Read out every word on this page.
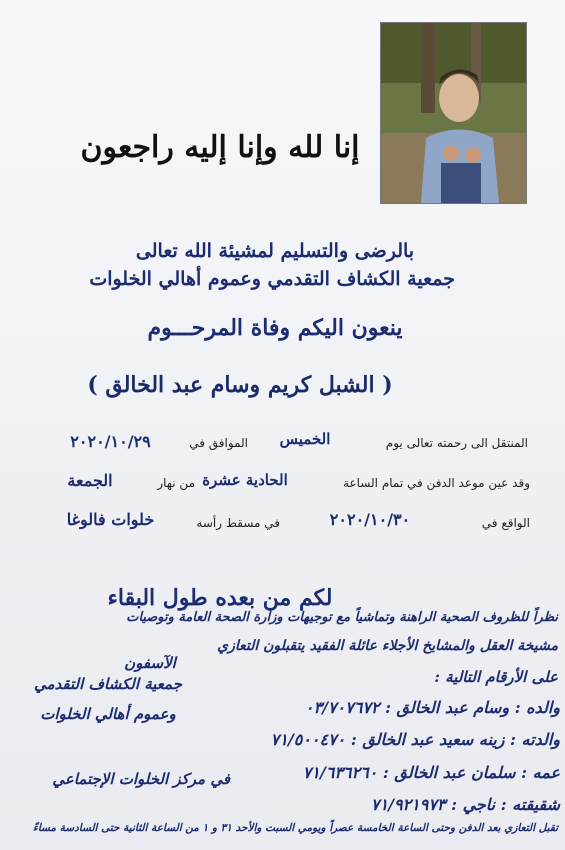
إنا لله وإنا إليه راجعون
بالرضى والتسليم لمشيئة الله تعالى
جمعية الكشاف التقدمي وعموم أهالي الخلوات
ينعون اليكم وفاة المرحـــوم
( الشبل كريم وسام عبد الخالق )
المنتقل الى رحمته تعالى يوم
الخميس
الموافق في
٢٠٢٠/١٠/٢٩
وقد عين موعد الدفن في تمام الساعة
الحادية عشرة
من نهار
الجمعة
الواقع في
٢٠٢٠/١٠/٣٠
في مسقط رأسه
خلوات فالوغا
لكم من بعده طول البقاء
نظراً للظروف الصحية الراهنة وتماشياً مع توجيهات وزارة الصحة العامة وتوصيات
مشيخة العقل والمشايخ الأجلاء عائلة الفقيد يتقبلون التعازي
على الأرقام التالية :
الآسفون
جمعية الكشاف التقدمي
وعموم أهالي الخلوات	والده : وسام عبد الخالق : ٠٣/٧٠٧٦٧٢
والدته : زينه سعيد عبد الخالق : ٧١/٥٠٠٤٧٠
عمه : سلمان عبد الخالق : ٧١/٦٣٦٢٦٠
في مركز الخلوات الإجتماعي
شقيقته : ناجي : ٧١/٩٢١٩٧٣
تقبل التعازي بعد الدفن وحتى الساعة الخامسة عصراً ويومي السبت والأحد ٣١ و ١ من الساعة الثانية حتى السادسة مساءً
